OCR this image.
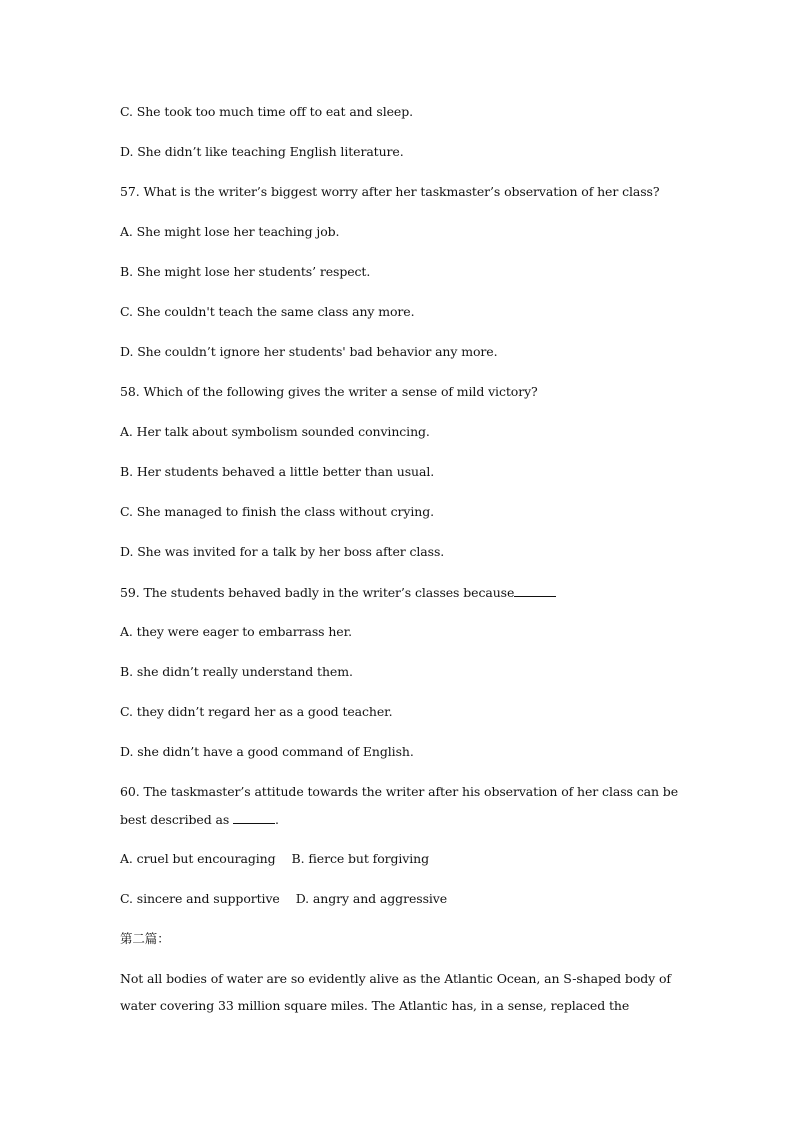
C. She took too much time off to eat and sleep.
D. She didn’t like teaching English literature.
57. What is the writer’s biggest worry after her taskmaster’s observation of her class?
A. She might lose her teaching job.
B. She might lose her students’ respect.
C. She couldn't teach the same class any more.
D. She couldn’t ignore her students' bad behavior any more.
58. Which of the following gives the writer a sense of mild victory?
A. Her talk about symbolism sounded convincing.
B. Her students behaved a little better than usual.
C. She managed to finish the class without crying.
D. She was invited for a talk by her boss after class.
59. The students behaved badly in the writer’s classes because
A. they were eager to embarrass her.
B. she didn’t really understand them.
C. they didn’t regard her as a good teacher.
D. she didn’t have a good command of English.
60. The taskmaster’s attitude towards the writer after his observation of her class can be
best described as	.
A. cruel but encouraging B. fierce but forgiving
C. sincere and supportive D. angry and aggressive
第二篇：
Not all bodies of water are so evidently alive as the Atlantic Ocean, an S-shaped body of
water covering 33 million square miles. The Atlantic has, in a sense, replaced the
